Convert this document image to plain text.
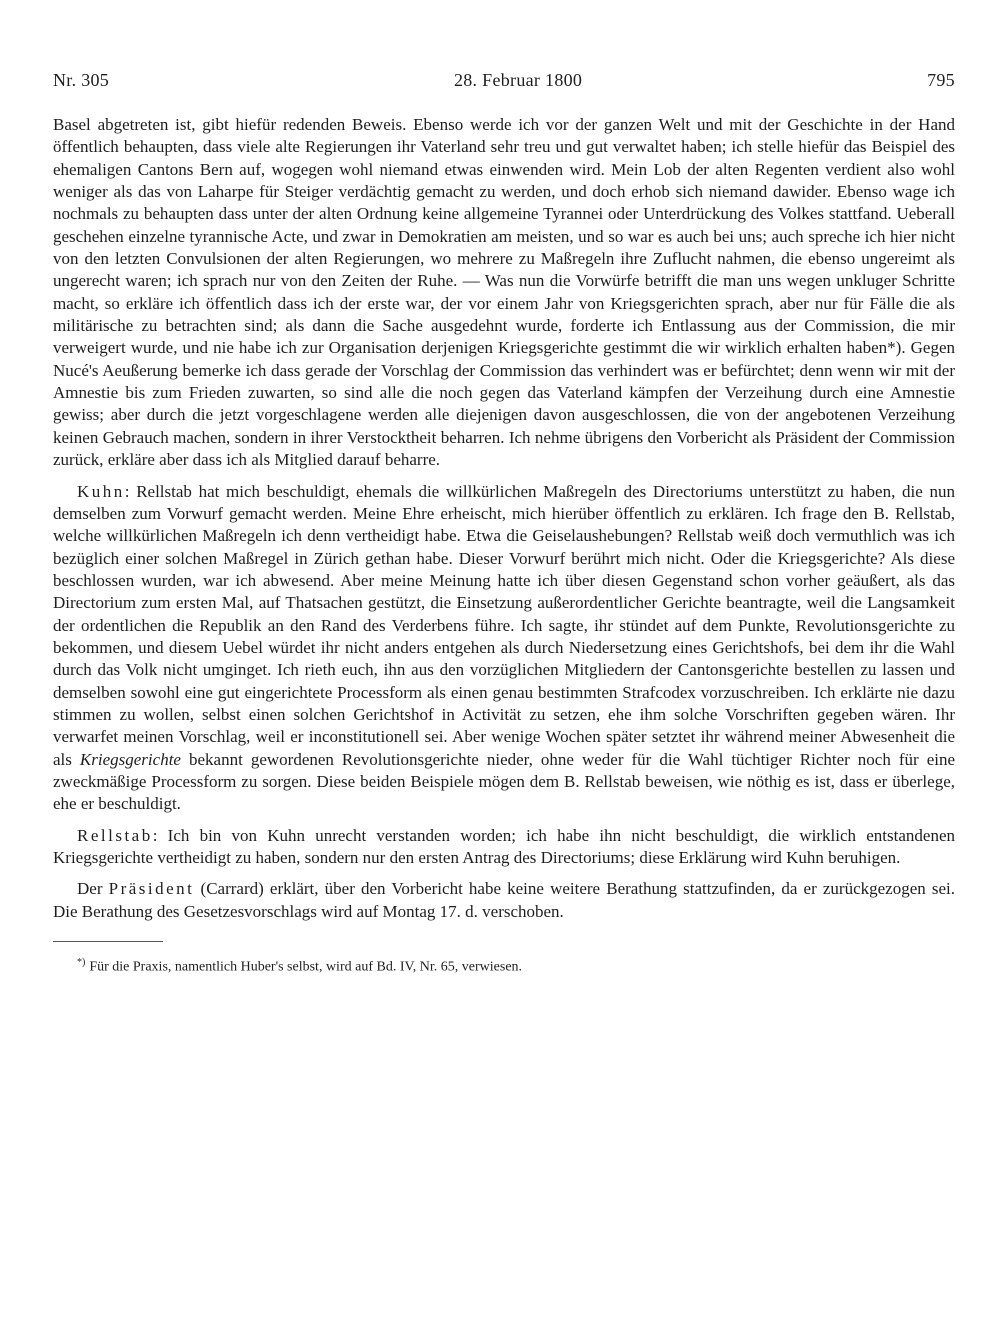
Nr. 305	28. Februar 1800	795

Basel abgetreten ist, gibt hiefür redenden Beweis. Ebenso werde ich vor der ganzen Welt und mit der Geschichte in der Hand öffentlich behaupten, dass viele alte Regierungen ihr Vaterland sehr treu und gut verwaltet haben; ich stelle hiefür das Beispiel des ehemaligen Cantons Bern auf, wogegen wohl niemand etwas einwenden wird. Mein Lob der alten Regenten verdient also wohl weniger als das von Laharpe für Steiger verdächtig gemacht zu werden, und doch erhob sich niemand dawider. Ebenso wage ich nochmals zu behaupten dass unter der alten Ordnung keine allgemeine Tyrannei oder Unterdrückung des Volkes stattfand. Ueberall geschehen einzelne tyrannische Acte, und zwar in Demokratien am meisten, und so war es auch bei uns; auch spreche ich hier nicht von den letzten Convulsionen der alten Regierungen, wo mehrere zu Maßregeln ihre Zuflucht nahmen, die ebenso ungereimt als ungerecht waren; ich sprach nur von den Zeiten der Ruhe. — Was nun die Vorwürfe betrifft die man uns wegen unkluger Schritte macht, so erkläre ich öffentlich dass ich der erste war, der vor einem Jahr von Kriegsgerichten sprach, aber nur für Fälle die als militärische zu betrachten sind; als dann die Sache ausgedehnt wurde, forderte ich Entlassung aus der Commission, die mir verweigert wurde, und nie habe ich zur Organisation derjenigen Kriegsgerichte gestimmt die wir wirklich erhalten haben*). Gegen Nucé's Aeußerung bemerke ich dass gerade der Vorschlag der Commission das verhindert was er befürchtet; denn wenn wir mit der Amnestie bis zum Frieden zuwarten, so sind alle die noch gegen das Vaterland kämpfen der Verzeihung durch eine Amnestie gewiss; aber durch die jetzt vorgeschlagene werden alle diejenigen davon ausgeschlossen, die von der angebotenen Verzeihung keinen Gebrauch machen, sondern in ihrer Verstocktheit beharren. Ich nehme übrigens den Vorbericht als Präsident der Commission zurück, erkläre aber dass ich als Mitglied darauf beharre.

Kuhn: Rellstab hat mich beschuldigt, ehemals die willkürlichen Maßregeln des Directoriums unterstützt zu haben, die nun demselben zum Vorwurf gemacht werden. Meine Ehre erheischt, mich hierüber öffentlich zu erklären. Ich frage den B. Rellstab, welche willkürlichen Maßregeln ich denn vertheidigt habe. Etwa die Geiselaushebungen? Rellstab weiß doch vermuthlich was ich bezüglich einer solchen Maßregel in Zürich gethan habe. Dieser Vorwurf berührt mich nicht. Oder die Kriegsgerichte? Als diese beschlossen wurden, war ich abwesend. Aber meine Meinung hatte ich über diesen Gegenstand schon vorher geäußert, als das Directorium zum ersten Mal, auf Thatsachen gestützt, die Einsetzung außerordentlicher Gerichte beantragte, weil die Langsamkeit der ordentlichen die Republik an den Rand des Verderbens führe. Ich sagte, ihr stündet auf dem Punkte, Revolutionsgerichte zu bekommen, und diesem Uebel würdet ihr nicht anders entgehen als durch Niedersetzung eines Gerichtshofs, bei dem ihr die Wahl durch das Volk nicht umginget. Ich rieth euch, ihn aus den vorzüglichen Mitgliedern der Cantonsgerichte bestellen zu lassen und demselben sowohl eine gut eingerichtete Processform als einen genau bestimmten Strafcodex vorzuschreiben. Ich erklärte nie dazu stimmen zu wollen, selbst einen solchen Gerichtshof in Activität zu setzen, ehe ihm solche Vorschriften gegeben wären. Ihr verwarfet meinen Vorschlag, weil er inconstitutionell sei. Aber wenige Wochen später setztet ihr während meiner Abwesenheit die als Kriegsgerichte bekannt gewordenen Revolutionsgerichte nieder, ohne weder für die Wahl tüchtiger Richter noch für eine zweckmäßige Processform zu sorgen. Diese beiden Beispiele mögen dem B. Rellstab beweisen, wie nöthig es ist, dass er überlege, ehe er beschuldigt.

Rellstab: Ich bin von Kuhn unrecht verstanden worden; ich habe ihn nicht beschuldigt, die wirklich entstandenen Kriegsgerichte vertheidigt zu haben, sondern nur den ersten Antrag des Directoriums; diese Erklärung wird Kuhn beruhigen.

Der Präsident (Carrard) erklärt, über den Vorbericht habe keine weitere Berathung stattzufinden, da er zurückgezogen sei. Die Berathung des Gesetzesvorschlags wird auf Montag 17. d. verschoben.

*) Für die Praxis, namentlich Huber's selbst, wird auf Bd. IV, Nr. 65, verwiesen.
